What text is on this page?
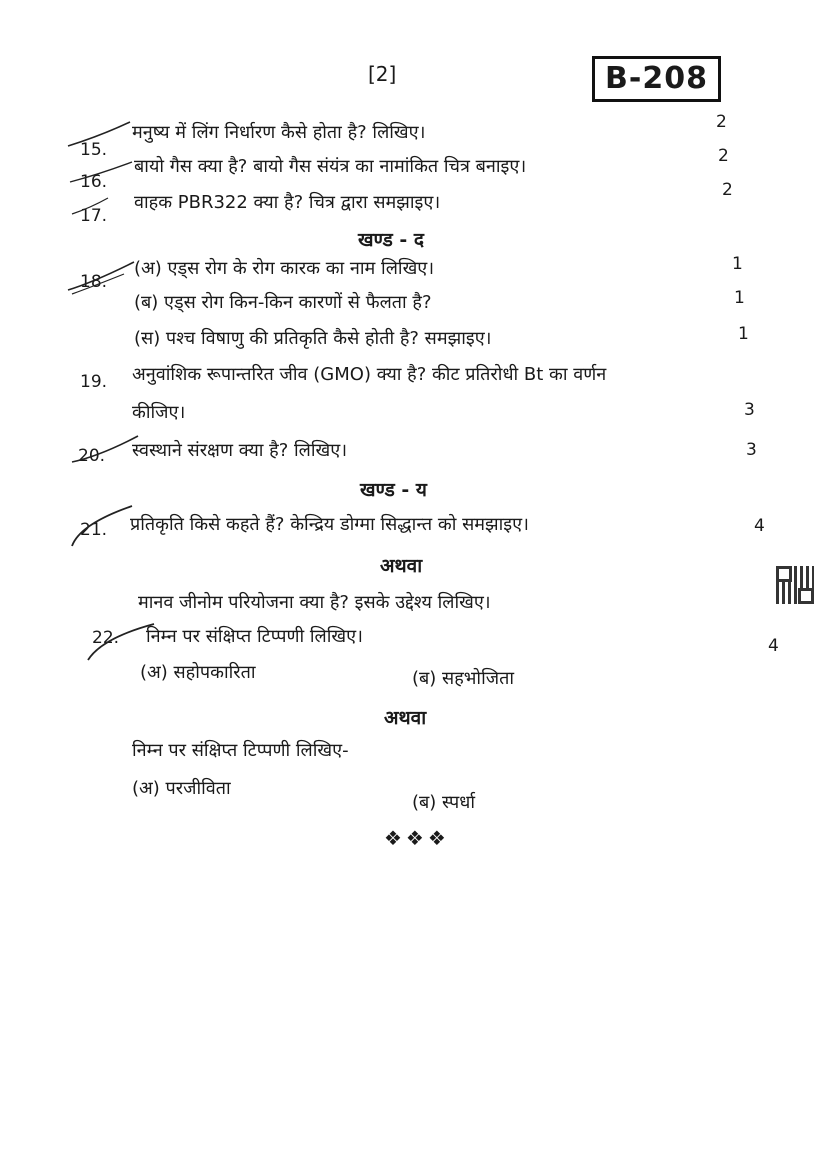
[2]	B-208
15.
मनुष्य में लिंग निर्धारण कैसे होता है? लिखिए।	2
16.
बायो गैस क्या है? बायो गैस संयंत्र का नामांकित चित्र बनाइए।	2
17.
वाहक PBR322 क्या है? चित्र द्वारा समझाइए।
2
खण्ड - द
18.
(अ) एड्स रोग के रोग कारक का नाम लिखिए।	1
(ब) एड्स रोग किन-किन कारणों से फैलता है?	1
(स) पश्च विषाणु की प्रतिकृति कैसे होती है? समझाइए।	1
19. अनुवांशिक रूपान्तरित जीव (GMO) क्या है? कीट प्रतिरोधी Bt का वर्णन
कीजिए।	3
20. स्वस्थाने संरक्षण क्या है? लिखिए।	3
खण्ड - य
21. प्रतिकृति किसे कहते हैं? केन्द्रिय डोग्मा सिद्धान्त को समझाइए।	4
अथवा
मानव जीनोम परियोजना क्या है? इसके उद्देश्य लिखिए।
22. निम्न पर संक्षिप्त टिप्पणी लिखिए।	4
(अ) सहोपकारिता	(ब) सहभोजिता
अथवा
निम्न पर संक्षिप्त टिप्पणी लिखिए-
(अ) परजीविता
(ब) स्पर्धा
❖❖❖
